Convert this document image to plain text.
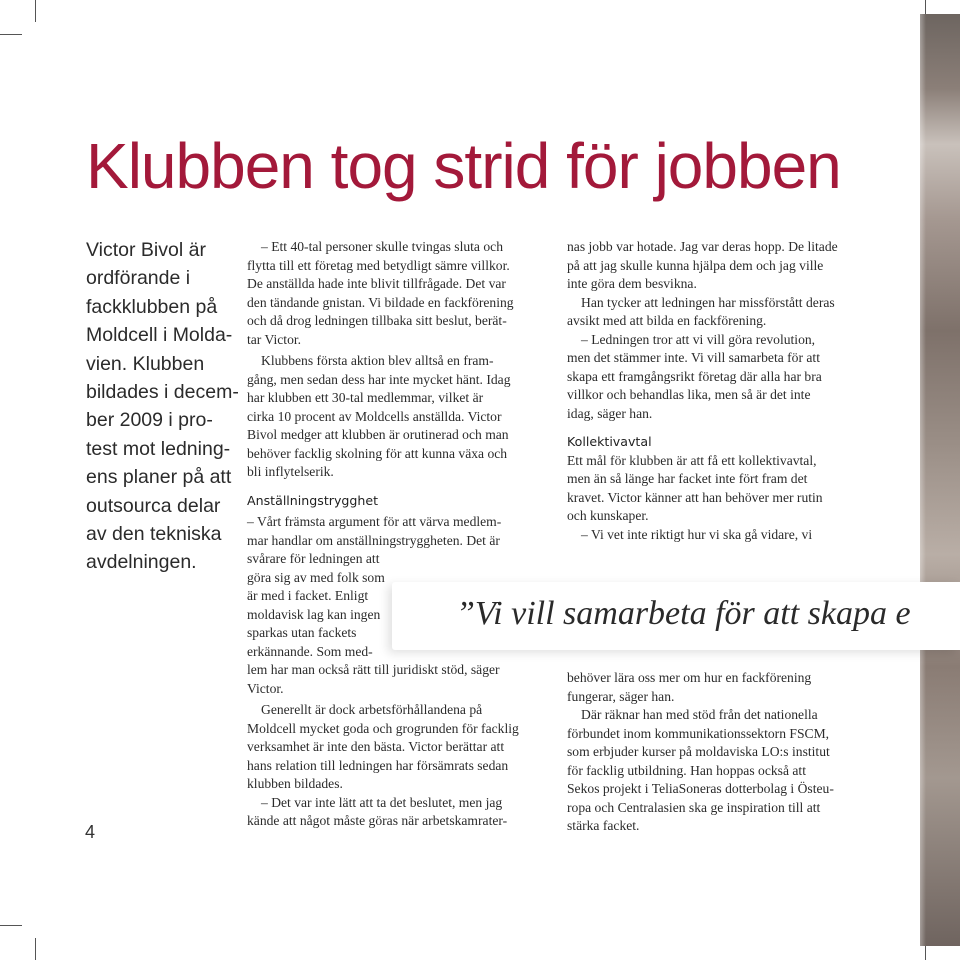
Klubben tog strid för jobben
Victor Bivol är
ordförande i
fackklubben på
Moldcell i Molda-
vien. Klubben
bildades i decem-
ber 2009 i pro-
test mot ledning-
ens planer på att
outsourca delar
av den tekniska
avdelningen.
4
– Ett 40-tal personer skulle tvingas sluta och
flytta till ett företag med betydligt sämre villkor.
De anställda hade inte blivit tillfrågade. Det var
den tändande gnistan. Vi bildade en fackförening
och då drog ledningen tillbaka sitt beslut, berät-
tar Victor.
Klubbens första aktion blev alltså en fram-
gång, men sedan dess har inte mycket hänt. Idag
har klubben ett 30-tal medlemmar, vilket är
cirka 10 procent av Moldcells anställda. Victor
Bivol medger att klubben är orutinerad och man
behöver facklig skolning för att kunna växa och
bli inflytelserik.
Anställningstrygghet
– Vårt främsta argument för att värva medlem-
mar handlar om anställningstryggheten. Det är
svårare för ledningen att
göra sig av med folk som
är med i facket. Enligt
moldavisk lag kan ingen
sparkas utan fackets
erkännande. Som med-
lem har man också rätt till juridiskt stöd, säger
Victor.
Generellt är dock arbetsförhållandena på
Moldcell mycket goda och grogrunden för facklig
verksamhet är inte den bästa. Victor berättar att
hans relation till ledningen har försämrats sedan
klubben bildades.
– Det var inte lätt att ta det beslutet, men jag
kände att något måste göras när arbetskamrater-
nas jobb var hotade. Jag var deras hopp. De litade
på att jag skulle kunna hjälpa dem och jag ville
inte göra dem besvikna.
Han tycker att ledningen har missförstått deras
avsikt med att bilda en fackförening.
– Ledningen tror att vi vill göra revolution,
men det stämmer inte. Vi vill samarbeta för att
skapa ett framgångsrikt företag där alla har bra
villkor och behandlas lika, men så är det inte
idag, säger han.
Kollektivavtal
Ett mål för klubben är att få ett kollektivavtal,
men än så länge har facket inte fört fram det
kravet. Victor känner att han behöver mer rutin
och kunskaper.
– Vi vet inte riktigt hur vi ska gå vidare, vi
behöver lära oss mer om hur en fackförening
fungerar, säger han.
Där räknar han med stöd från det nationella
förbundet inom kommunikationssektorn FSCM,
som erbjuder kurser på moldaviska LO:s institut
för facklig utbildning. Han hoppas också att
Sekos projekt i TeliaSoneras dotterbolag i Östeu-
ropa och Centralasien ska ge inspiration till att
stärka facket.

”Vi vill samarbeta för att skapa e
